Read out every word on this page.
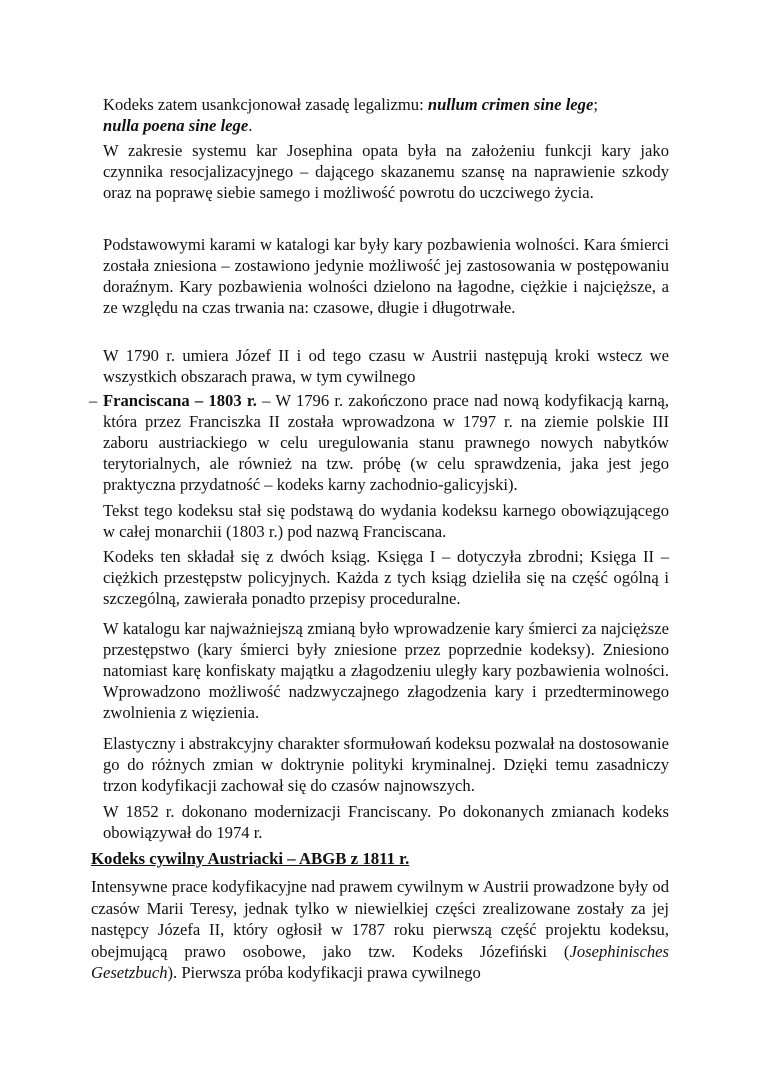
Kodeks zatem usankcjonował zasadę legalizmu: nullum crimen sine lege;
nulla poena sine lege.

W zakresie systemu kar Josephina opata była na założeniu funkcji kary jako czynnika resocjalizacyjnego – dającego skazanemu szansę na naprawienie szkody oraz na poprawę siebie samego i możliwość powrotu do uczciwego życia.

Podstawowymi karami w katalogi kar były kary pozbawienia wolności. Kara śmierci została zniesiona – zostawiono jedynie możliwość jej zastosowania w postępowaniu doraźnym. Kary pozbawienia wolności dzielono na łagodne, ciężkie i najcięższe, a ze względu na czas trwania na: czasowe, długie i długotrwałe.

W 1790 r. umiera Józef II i od tego czasu w Austrii następują kroki wstecz we wszystkich obszarach prawa, w tym cywilnego

– Franciscana – 1803 r. – W 1796 r. zakończono prace nad nową kodyfikacją karną, która przez Franciszka II została wprowadzona w 1797 r. na ziemie polskie III zaboru austriackiego w celu uregulowania stanu prawnego nowych nabytków terytorialnych, ale również na tzw. próbę (w celu sprawdzenia, jaka jest jego praktyczna przydatność – kodeks karny zachodnio-galicyjski).

Tekst tego kodeksu stał się podstawą do wydania kodeksu karnego obowiązującego w całej monarchii (1803 r.) pod nazwą Franciscana.

Kodeks ten składał się z dwóch ksiąg. Księga I – dotyczyła zbrodni; Księga II – ciężkich przestępstw policyjnych. Każda z tych ksiąg dzieliła się na część ogólną i szczególną, zawierała ponadto przepisy proceduralne.

W katalogu kar najważniejszą zmianą było wprowadzenie kary śmierci za najcięższe przestępstwo (kary śmierci były zniesione przez poprzednie kodeksy). Zniesiono natomiast karę konfiskaty majątku a złagodzeniu uległy kary pozbawienia wolności. Wprowadzono możliwość nadzwyczajnego złagodzenia kary i przedterminowego zwolnienia z więzienia.

Elastyczny i abstrakcyjny charakter sformułowań kodeksu pozwalał na dostosowanie go do różnych zmian w doktrynie polityki kryminalnej. Dzięki temu zasadniczy trzon kodyfikacji zachował się do czasów najnowszych.

W 1852 r. dokonano modernizacji Franciscany. Po dokonanych zmianach kodeks obowiązywał do 1974 r.

Kodeks cywilny Austriacki – ABGB z 1811 r.

Intensywne prace kodyfikacyjne nad prawem cywilnym w Austrii prowadzone były od czasów Marii Teresy, jednak tylko w niewielkiej części zrealizowane zostały za jej następcy Józefa II, który ogłosił w 1787 roku pierwszą część projektu kodeksu, obejmującą prawo osobowe, jako tzw. Kodeks Józefiński (Josephinisches Gesetzbuch). Pierwsza próba kodyfikacji prawa cywilnego
